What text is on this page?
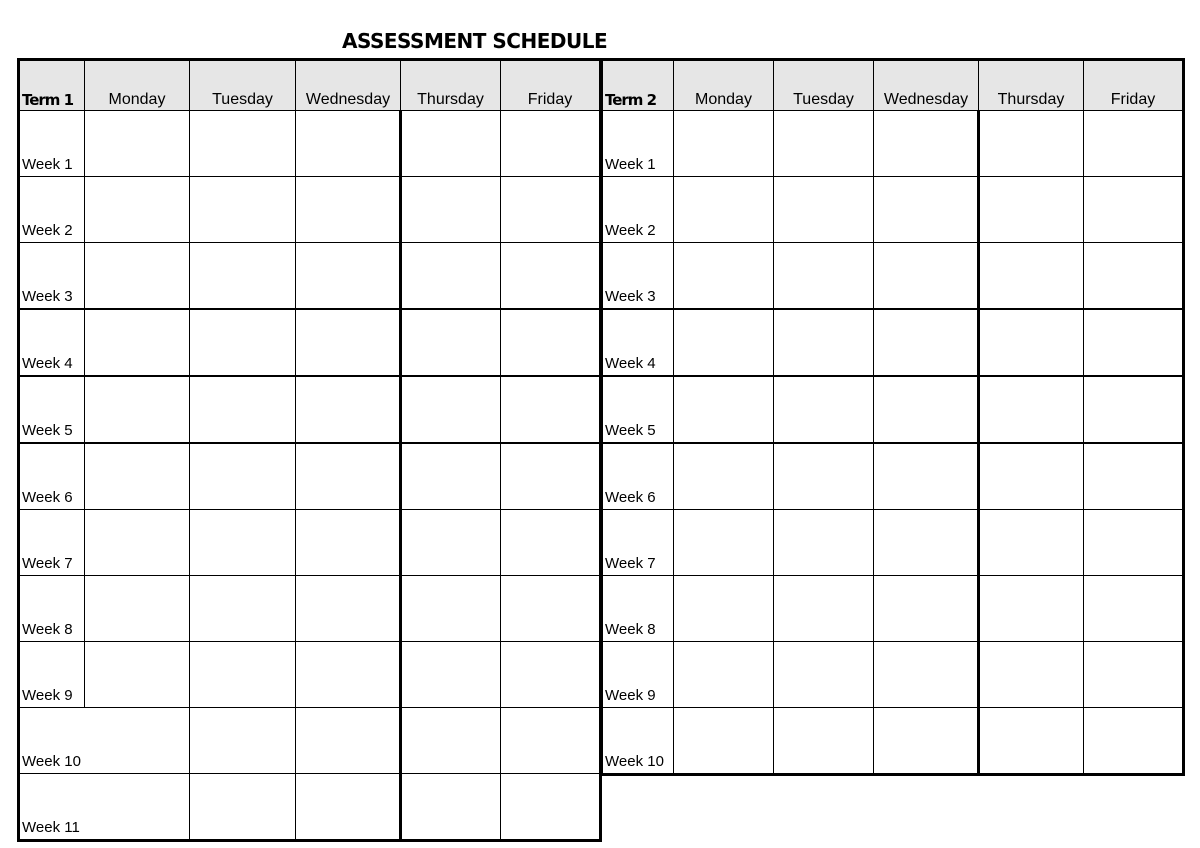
ASSESSMENT SCHEDULE
Term 1	Monday	Tuesday	Wednesday	Thursday	Friday
Week 1					
Week 2					
Week 3					
Week 4					
Week 5					
Week 6					
Week 7					
Week 8					
Week 9					
Week 10					
Week 11					
Term 2	Monday	Tuesday	Wednesday	Thursday	Friday
Week 1					
Week 2					
Week 3					
Week 4					
Week 5					
Week 6					
Week 7					
Week 8					
Week 9					
Week 10					
